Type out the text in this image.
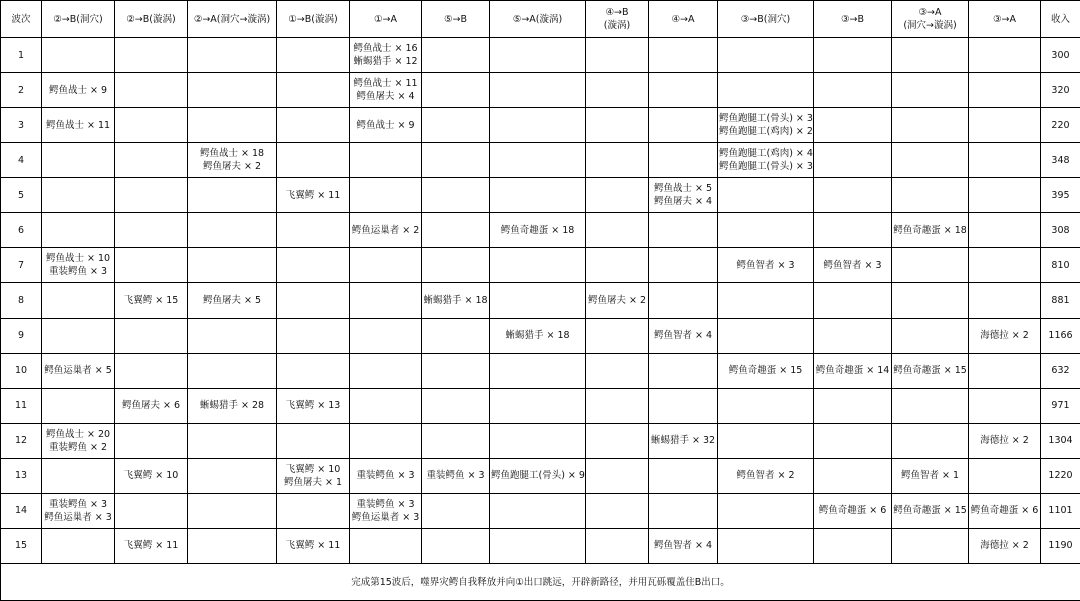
波次	②→B(洞穴)	②→B(漩涡)	②→A(洞穴→漩涡)	①→B(漩涡)	①→A	⑤→B	⑤→A(漩涡)	④→B
(漩涡)	④→A	③→B(洞穴)	③→B	③→A
(洞穴→漩涡)	③→A	收入
1					鳄鱼战士 × 16
蜥蜴猎手 × 12									300
2	鳄鱼战士 × 9				鳄鱼战士 × 11
鳄鱼屠夫 × 4									320
3	鳄鱼战士 × 11				鳄鱼战士 × 9					鳄鱼跑腿工(骨头) × 3
鳄鱼跑腿工(鸡肉) × 2				220
4			鳄鱼战士 × 18
鳄鱼屠夫 × 2							鳄鱼跑腿工(鸡肉) × 4
鳄鱼跑腿工(骨头) × 3				348
5				飞翼鳄 × 11					鳄鱼战士 × 5
鳄鱼屠夫 × 4					395
6					鳄鱼运巢者 × 2		鳄鱼奇趣蛋 × 18					鳄鱼奇趣蛋 × 18		308
7	鳄鱼战士 × 10
重装鳄鱼 × 3									鳄鱼智者 × 3	鳄鱼智者 × 3			810
8		飞翼鳄 × 15	鳄鱼屠夫 × 5			蜥蜴猎手 × 18		鳄鱼屠夫 × 2						881
9							蜥蜴猎手 × 18		鳄鱼智者 × 4				海德拉 × 2	1166
10	鳄鱼运巢者 × 5									鳄鱼奇趣蛋 × 15	鳄鱼奇趣蛋 × 14	鳄鱼奇趣蛋 × 15		632
11		鳄鱼屠夫 × 6	蜥蜴猎手 × 28	飞翼鳄 × 13										971
12	鳄鱼战士 × 20
重装鳄鱼 × 2								蜥蜴猎手 × 32				海德拉 × 2	1304
13		飞翼鳄 × 10		飞翼鳄 × 10
鳄鱼屠夫 × 1	重装鳄鱼 × 3	重装鳄鱼 × 3	鳄鱼跑腿工(骨头) × 9			鳄鱼智者 × 2		鳄鱼智者 × 1		1220
14	重装鳄鱼 × 3
鳄鱼运巢者 × 3				重装鳄鱼 × 3
鳄鱼运巢者 × 3						鳄鱼奇趣蛋 × 6	鳄鱼奇趣蛋 × 15	鳄鱼奇趣蛋 × 6	1101
15		飞翼鳄 × 11		飞翼鳄 × 11					鳄鱼智者 × 4				海德拉 × 2	1190
完成第15波后，噬界灾鳄自我释放并向①出口跳远，开辟新路径，并用瓦砾覆盖住B出口。														
